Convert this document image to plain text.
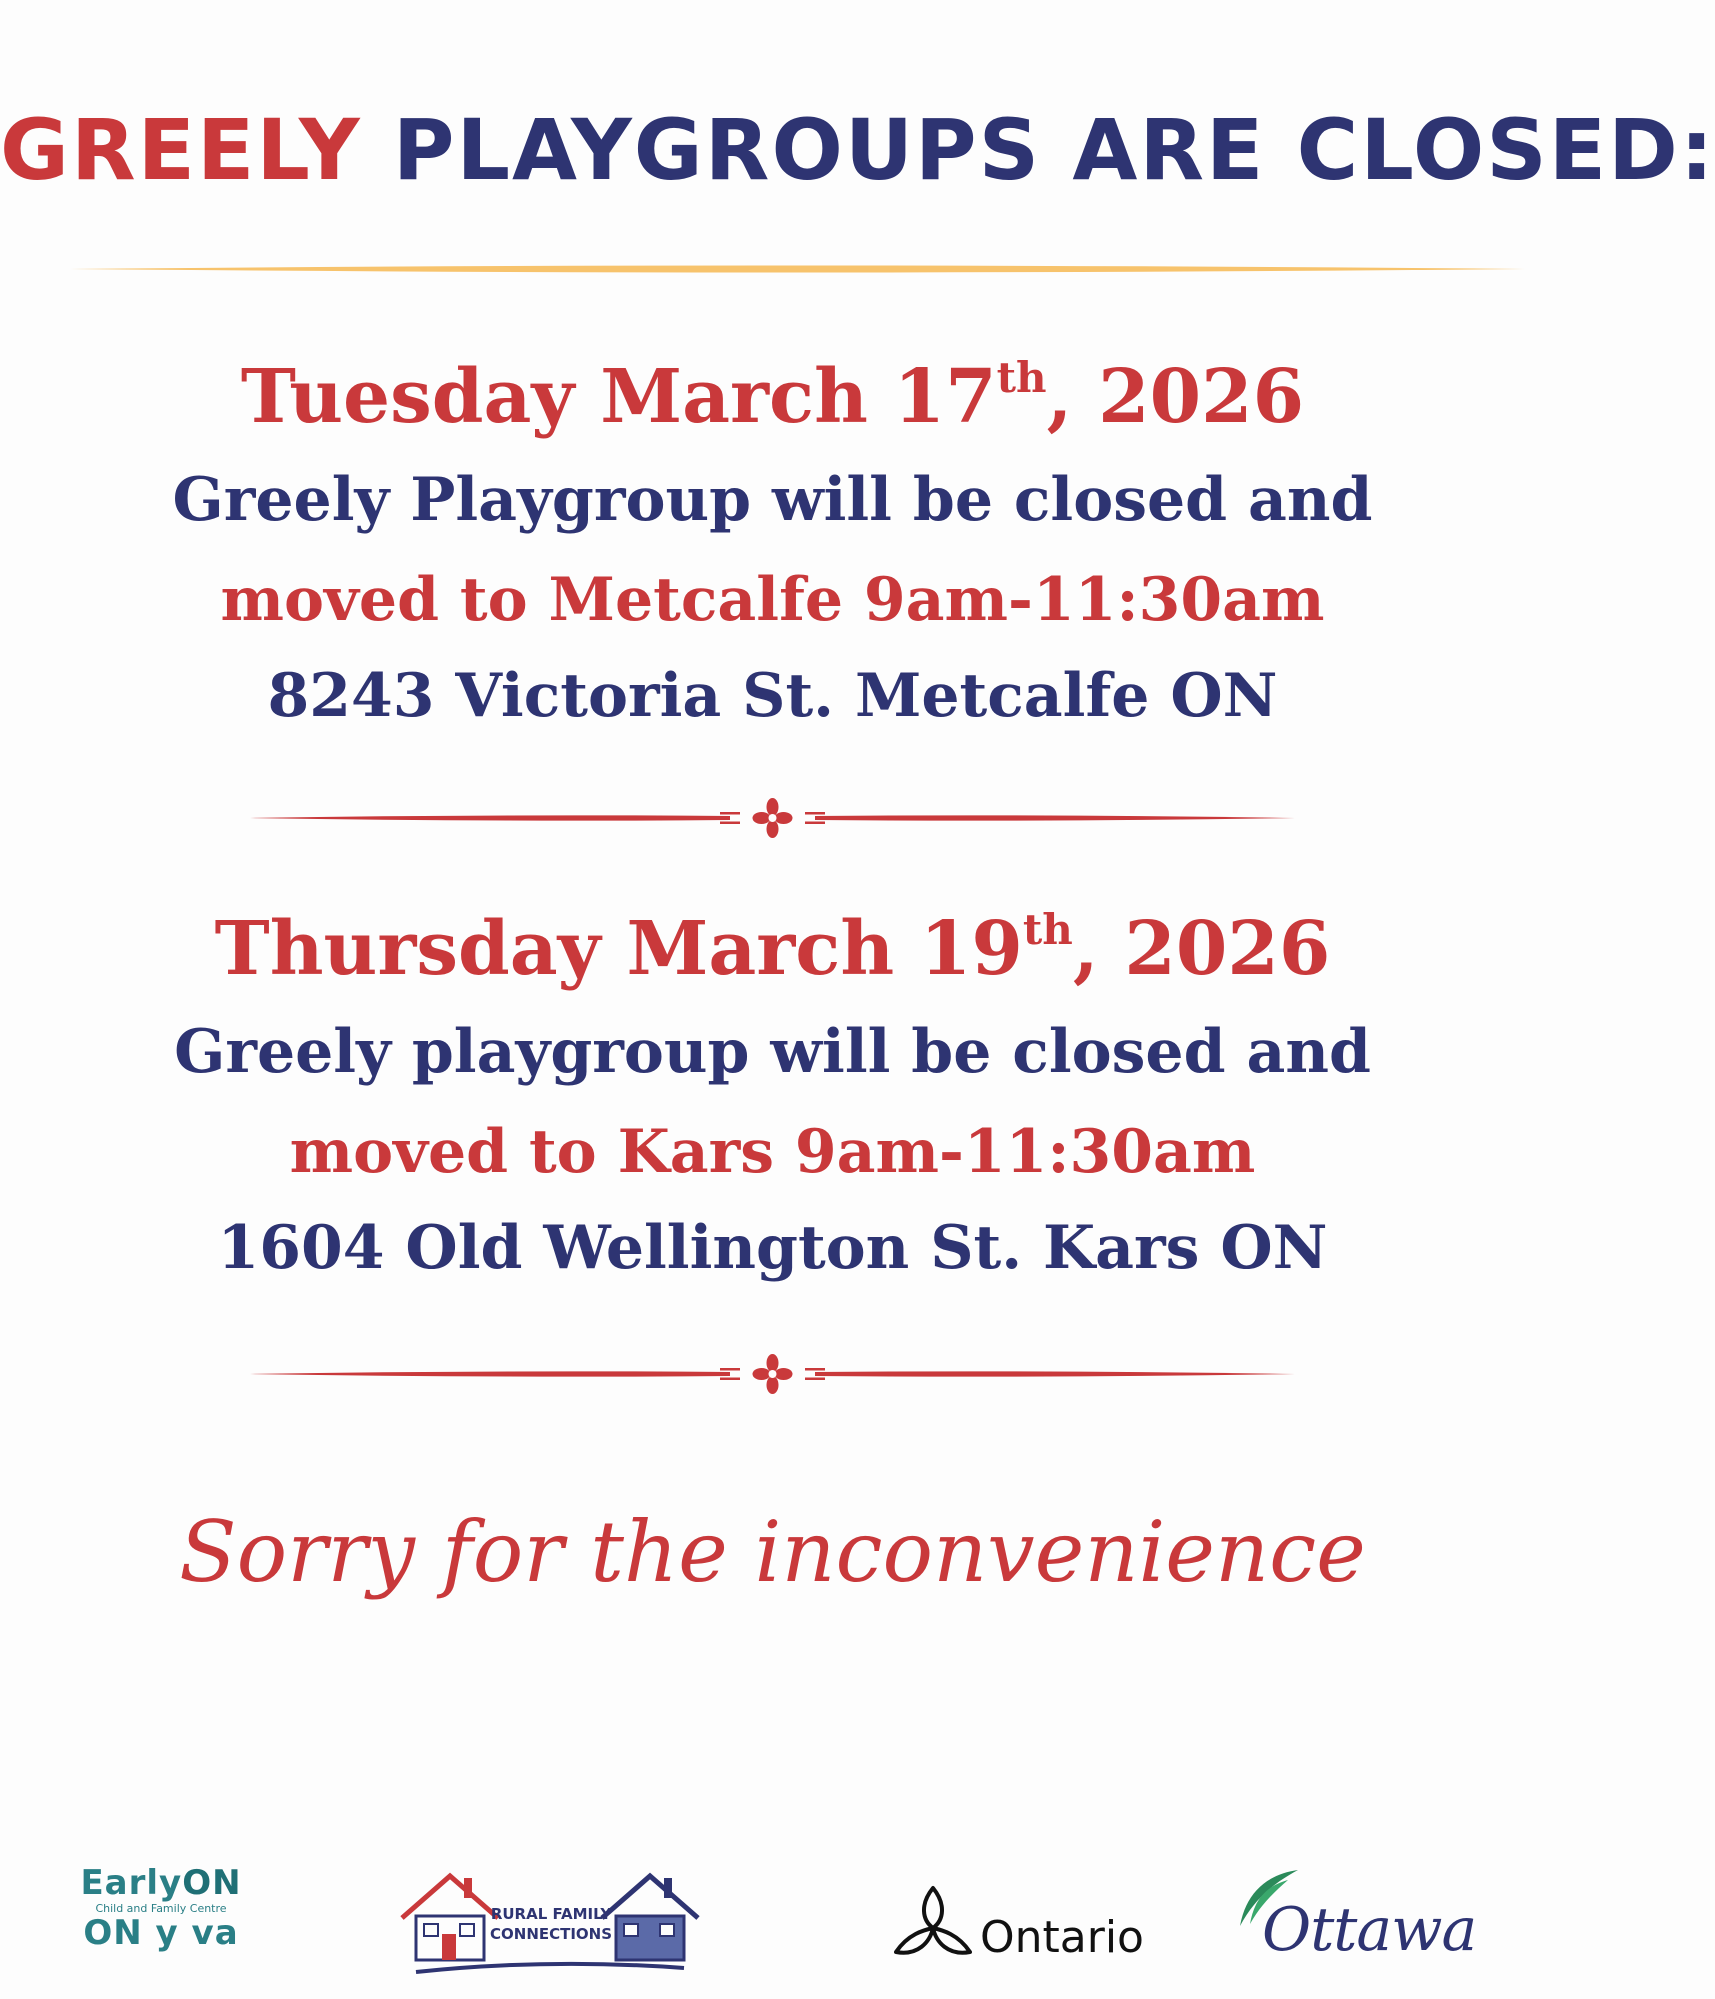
GREELY PLAYGROUPS ARE CLOSED:
Tuesday March 17th, 2026
Greely Playgroup will be closed and
moved to Metcalfe 9am-11:30am
8243 Victoria St. Metcalfe ON
Thursday March 19th, 2026
Greely playgroup will be closed and
moved to Kars 9am-11:30am
1604 Old Wellington St. Kars ON
Sorry for the inconvenience
EarlyON
Child and Family Centre
ON y va	RURAL FAMILY
CONNECTIONS	Ontario Ottawa
